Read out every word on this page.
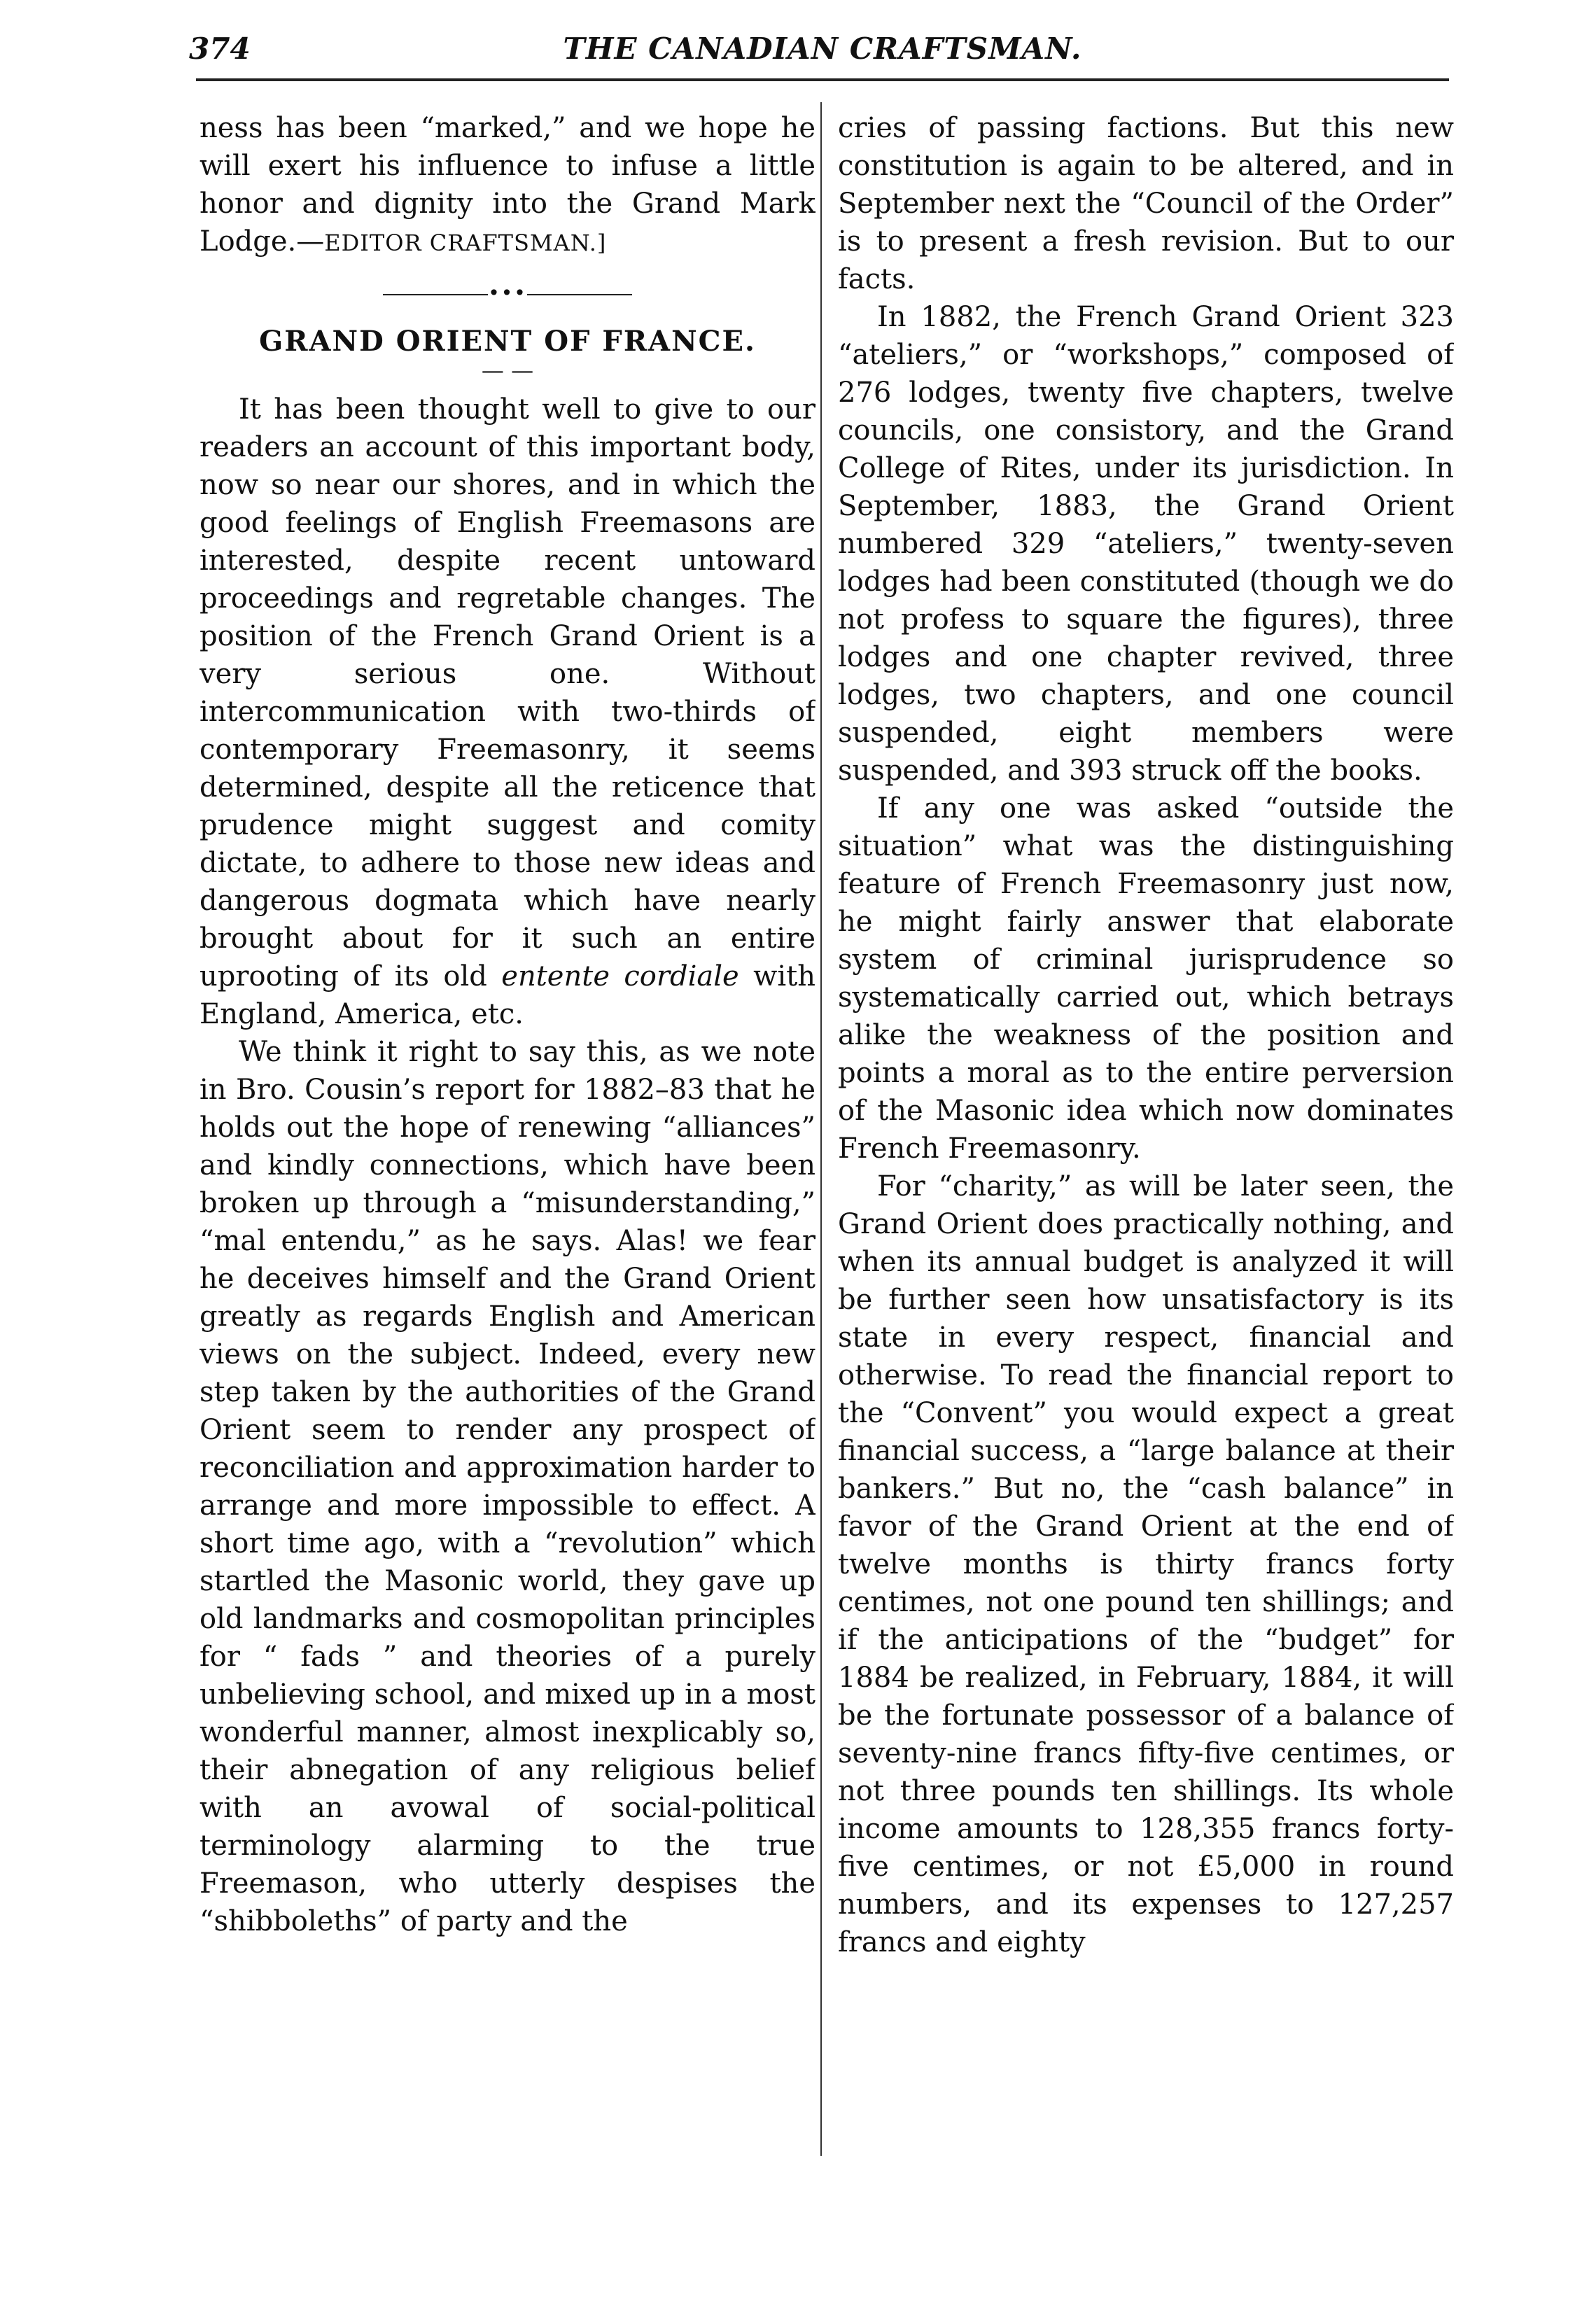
374	THE CANADIAN CRAFTSMAN.

ness has been “marked,” and we hope he will exert his influence to infuse a little honor and dignity into the Grand Mark Lodge.—EDITOR CRAFTSMAN.]

•••
GRAND ORIENT OF FRANCE.
— —

It has been thought well to give to our readers an account of this important body, now so near our shores, and in which the good feelings of English Freemasons are interested, despite recent untoward proceedings and regretable changes. The position of the French Grand Orient is a very serious one. Without intercommunication with two-thirds of contemporary Freemasonry, it seems determined, despite all the reticence that prudence might suggest and comity dictate, to adhere to those new ideas and dangerous dogmata which have nearly brought about for it such an entire uprooting of its old entente cordiale with England, America, etc.

We think it right to say this, as we note in Bro. Cousin’s report for 1882–83 that he holds out the hope of renewing “alliances” and kindly connections, which have been broken up through a “misunderstanding,” “mal entendu,” as he says. Alas! we fear he deceives himself and the Grand Orient greatly as regards English and American views on the subject. Indeed, every new step taken by the authorities of the Grand Orient seem to render any prospect of reconciliation and approximation harder to arrange and more impossible to effect. A short time ago, with a “revolution” which startled the Masonic world, they gave up old landmarks and cosmopolitan principles for “ fads ” and theories of a purely unbelieving school, and mixed up in a most wonderful manner, almost inexplicably so, their abnegation of any religious belief with an avowal of social-political terminology alarming to the true Freemason, who utterly despises the “shibboleths” of party and the

cries of passing factions. But this new constitution is again to be altered, and in September next the “Council of the Order” is to present a fresh revision. But to our facts.

In 1882, the French Grand Orient 323 “ateliers,” or “workshops,” composed of 276 lodges, twenty five chapters, twelve councils, one consistory, and the Grand College of Rites, under its jurisdiction. In September, 1883, the Grand Orient numbered 329 “ateliers,” twenty-seven lodges had been constituted (though we do not profess to square the figures), three lodges and one chapter revived, three lodges, two chapters, and one council suspended, eight members were suspended, and 393 struck off the books.

If any one was asked “outside the situation” what was the distinguishing feature of French Freemasonry just now, he might fairly answer that elaborate system of criminal jurisprudence so systematically carried out, which betrays alike the weakness of the position and points a moral as to the entire perversion of the Masonic idea which now dominates French Freemasonry.

For “charity,” as will be later seen, the Grand Orient does practically nothing, and when its annual budget is analyzed it will be further seen how unsatisfactory is its state in every respect, financial and otherwise. To read the financial report to the “Convent” you would expect a great financial success, a “large balance at their bankers.” But no, the “cash balance” in favor of the Grand Orient at the end of twelve months is thirty francs forty centimes, not one pound ten shillings; and if the anticipations of the “budget” for 1884 be realized, in February, 1884, it will be the fortunate possessor of a balance of seventy-nine francs fifty-five centimes, or not three pounds ten shillings. Its whole income amounts to 128,355 francs forty-five centimes, or not £5,000 in round numbers, and its expenses to 127,257 francs and eighty
